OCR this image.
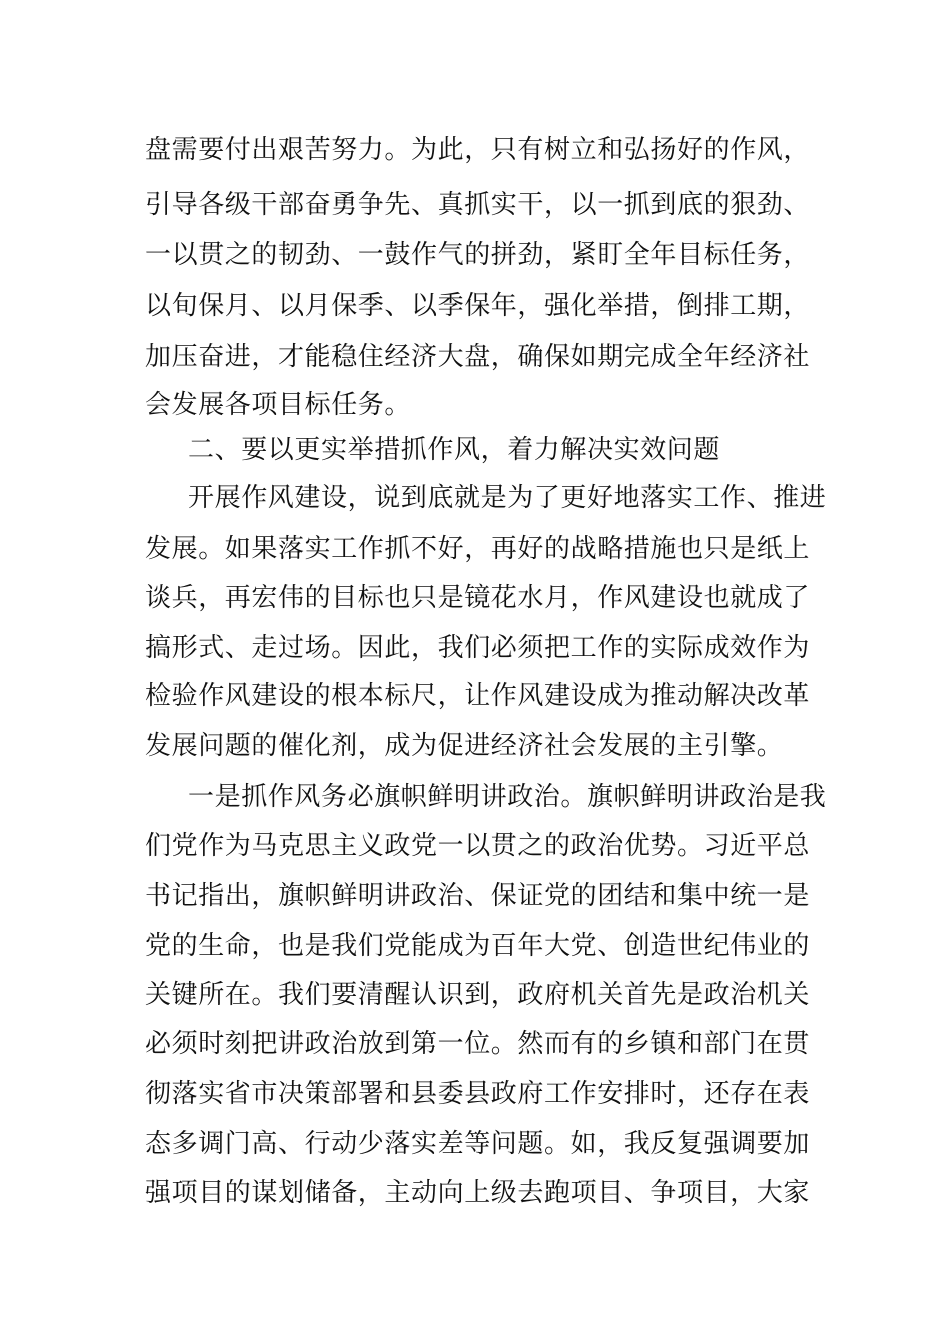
盘需要付出艰苦努力。为此，只有树立和弘扬好的作风，
引导各级干部奋勇争先、真抓实干，以一抓到底的狠劲、
一以贯之的韧劲、一鼓作气的拼劲，紧盯全年目标任务，
以旬保月、以月保季、以季保年，强化举措，倒排工期，
加压奋进，才能稳住经济大盘，确保如期完成全年经济社
会发展各项目标任务。
二、要以更实举措抓作风，着力解决实效问题
开展作风建设，说到底就是为了更好地落实工作、推进
发展。如果落实工作抓不好，再好的战略措施也只是纸上
谈兵，再宏伟的目标也只是镜花水月，作风建设也就成了
搞形式、走过场。因此，我们必须把工作的实际成效作为
检验作风建设的根本标尺，让作风建设成为推动解决改革
发展问题的催化剂，成为促进经济社会发展的主引擎。
一是抓作风务必旗帜鲜明讲政治。旗帜鲜明讲政治是我
们党作为马克思主义政党一以贯之的政治优势。习近平总
书记指出，旗帜鲜明讲政治、保证党的团结和集中统一是
党的生命，也是我们党能成为百年大党、创造世纪伟业的
关键所在。我们要清醒认识到，政府机关首先是政治机关
必须时刻把讲政治放到第一位。然而有的乡镇和部门在贯
彻落实省市决策部署和县委县政府工作安排时，还存在表
态多调门高、行动少落实差等问题。如，我反复强调要加
强项目的谋划储备，主动向上级去跑项目、争项目，大家
